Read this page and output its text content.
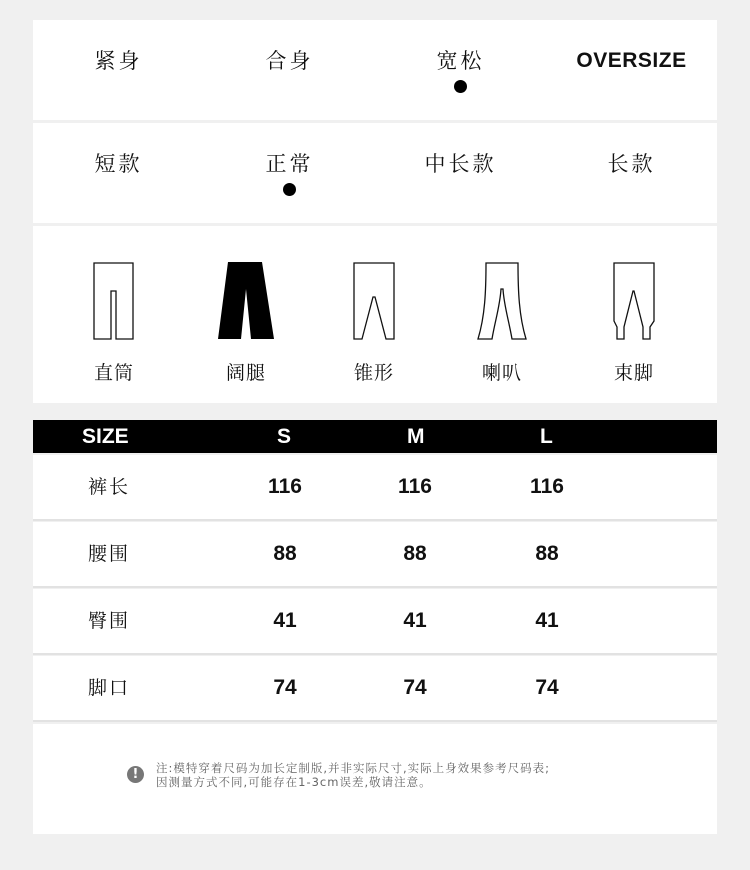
紧身	合身	宽松	OVERSIZE
短款	正常	中长款	长款
直筒	阔腿	锥形	喇叭	束脚
SIZE	S	M	L
裤长	116	116	116
腰围	88	88	88
臀围	41	41	41
脚口	74	74	74
!	注:模特穿着尺码为加长定制版,并非实际尺寸,实际上身效果参考尺码表;
因测量方式不同,可能存在1-3cm误差,敬请注意。
